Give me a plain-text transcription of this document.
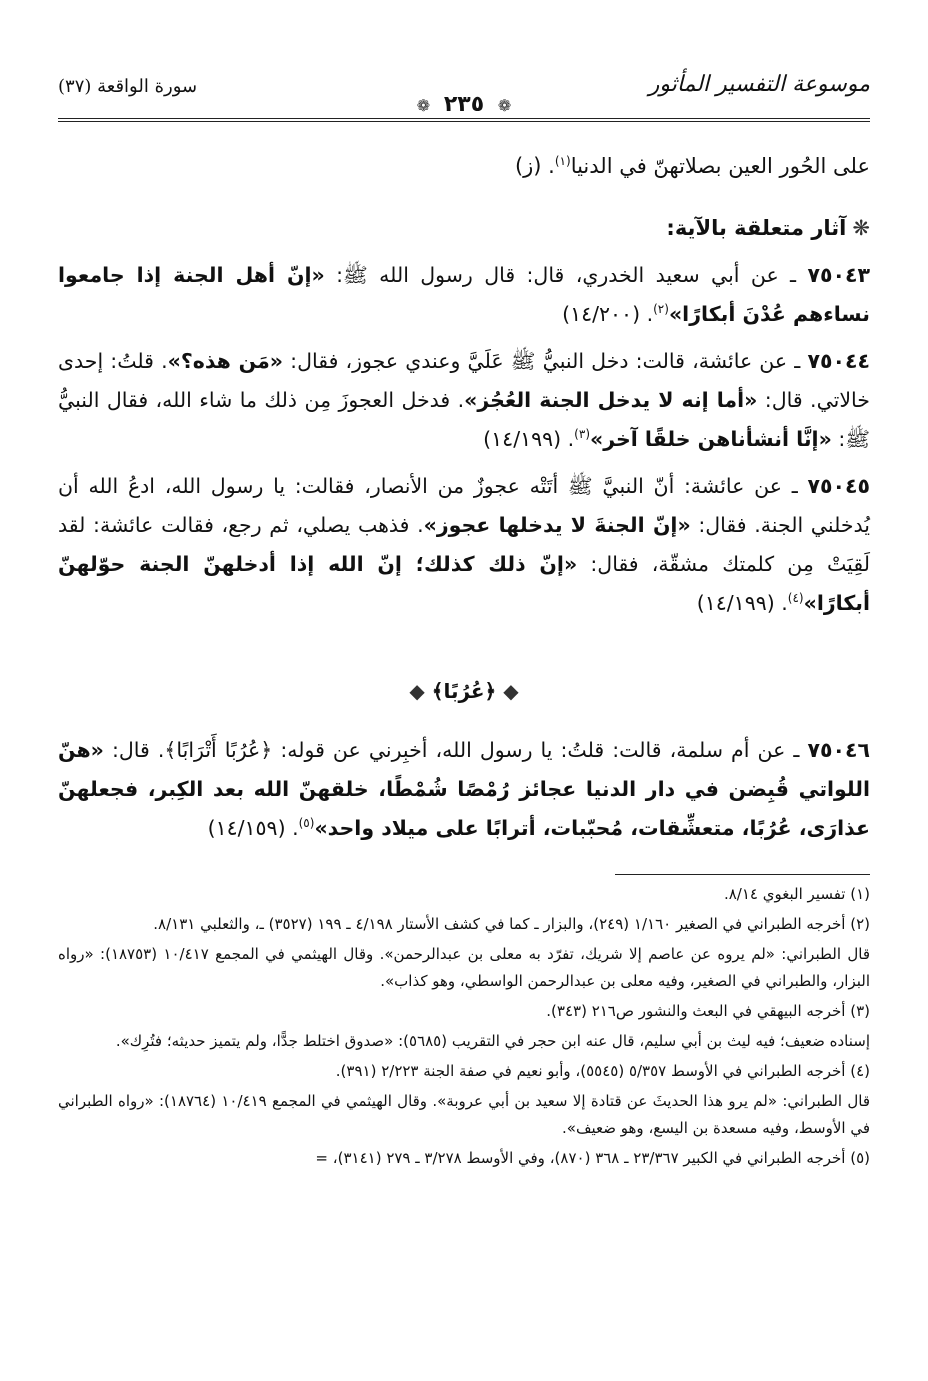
موسوعة التفسير المأثور
سورة الواقعة (٣٧)
❁ ٢٣٥ ❁
على الحُور العين بصلاتهنّ في الدنيا$^{(١)}$. (ز)
❋آثار متعلقة بالآية:
٧٥٠٤٣ ـ عن أبي سعيد الخدري، قال: قال رسول الله ﷺ: «إنّ أهل الجنة إذا جامعوا نساءهم عُدْنَ أبكارًا»$^{(٢)}$. (١٤/٢٠٠)
٧٥٠٤٤ ـ عن عائشة، قالت: دخل النبيُّ ﷺ عَلَيَّ وعندي عجوز، فقال: «مَن هذه؟». قلتُ: إحدى خالاتي. قال: «أما إنه لا يدخل الجنة العُجُز». فدخل العجوزَ مِن ذلك ما شاء الله، فقال النبيُّ ﷺ: «إنَّا أنشأناهن خلقًا آخر»$^{(٣)}$. (١٤/١٩٩)
٧٥٠٤٥ ـ عن عائشة: أنّ النبيَّ ﷺ أتَتْه عجوزٌ من الأنصار، فقالت: يا رسول الله، ادعُ الله أن يُدخلني الجنة. فقال: «إنّ الجنةَ لا يدخلها عجوز». فذهب يصلي، ثم رجع، فقالت عائشة: لقد لَقِيَتْ مِن كلمتك مشقّة، فقال: «إنّ ذلك كذلك؛ إنّ الله إذا أدخلهنّ الجنة حوّلهنّ أبكارًا»$^{(٤)}$. (١٤/١٩٩)
◆ ﴿عُرُبًا﴾ ◆
٧٥٠٤٦ ـ عن أم سلمة، قالت: قلتُ: يا رسول الله، أخبِرني عن قوله: ﴿عُرُبًا أَتْرَابًا﴾. قال: «هنّ اللواتي قُبِضن في دار الدنيا عجائز رُمْصًا شُمْطًا، خلقهنّ الله بعد الكِبر، فجعلهنّ عذارَى، عُرُبًا، متعشِّقات، مُحبّبات، أترابًا على ميلاد واحد»$^{(٥)}$. (١٤/١٥٩)

(١) تفسير البغوي ٨/١٤.

(٢) أخرجه الطبراني في الصغير ١/١٦٠ (٢٤٩)، والبزار ـ كما في كشف الأستار ٤/١٩٨ ـ ١٩٩ (٣٥٢٧) ـ، والثعلبي ٨/١٣١.

قال الطبراني: «لم يروه عن عاصم إلا شريك، تفرّد به معلى بن عبدالرحمن». وقال الهيثمي في المجمع ١٠/٤١٧ (١٨٧٥٣): «رواه البزار، والطبراني في الصغير، وفيه معلى بن عبدالرحمن الواسطي، وهو كذاب».

(٣) أخرجه البيهقي في البعث والنشور ص٢١٦ (٣٤٣).

إسناده ضعيف؛ فيه ليث بن أبي سليم، قال عنه ابن حجر في التقريب (٥٦٨٥): «صدوق اختلط جدًّا، ولم يتميز حديثه؛ فتُرِك».

(٤) أخرجه الطبراني في الأوسط ٥/٣٥٧ (٥٥٤٥)، وأبو نعيم في صفة الجنة ٢/٢٢٣ (٣٩١).

قال الطبراني: «لم يرو هذا الحديثَ عن قتادة إلا سعيد بن أبي عروبة». وقال الهيثمي في المجمع ١٠/٤١٩ (١٨٧٦٤): «رواه الطبراني في الأوسط، وفيه مسعدة بن اليسع، وهو ضعيف».

(٥) أخرجه الطبراني في الكبير ٢٣/٣٦٧ ـ ٣٦٨ (٨٧٠)، وفي الأوسط ٣/٢٧٨ ـ ٢٧٩ (٣١٤١)، =
